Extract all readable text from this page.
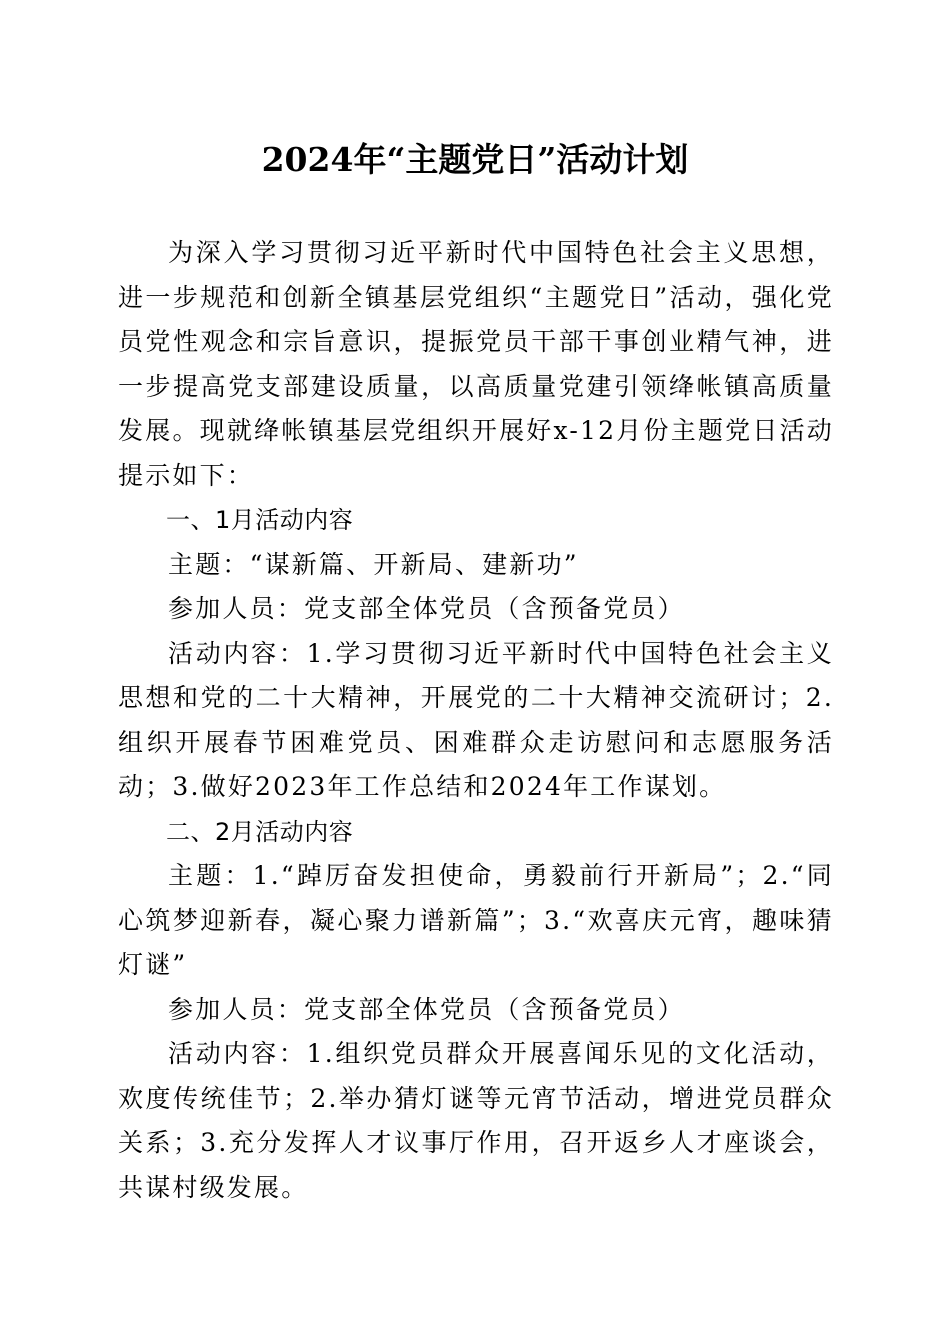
2024年“主题党日”活动计划

为深入学习贯彻习近平新时代中国特色社会主义思想，进一步规范和创新全镇基层党组织“主题党日”活动，强化党员党性观念和宗旨意识，提振党员干部干事创业精气神，进一步提高党支部建设质量，以高质量党建引领绛帐镇高质量发展。现就绛帐镇基层党组织开展好x-12月份主题党日活动提示如下：

一、1月活动内容

主题：“谋新篇、开新局、建新功”

参加人员：党支部全体党员（含预备党员）

活动内容：1.学习贯彻习近平新时代中国特色社会主义思想和党的二十大精神，开展党的二十大精神交流研讨；2.组织开展春节困难党员、困难群众走访慰问和志愿服务活动；3.做好2023年工作总结和2024年工作谋划。

二、2月活动内容

主题：1.“踔厉奋发担使命，勇毅前行开新局”；2.“同心筑梦迎新春，凝心聚力谱新篇”；3.“欢喜庆元宵，趣味猜灯谜”

参加人员：党支部全体党员（含预备党员）

活动内容：1.组织党员群众开展喜闻乐见的文化活动，欢度传统佳节；2.举办猜灯谜等元宵节活动，增进党员群众关系；3.充分发挥人才议事厅作用，召开返乡人才座谈会，共谋村级发展。
